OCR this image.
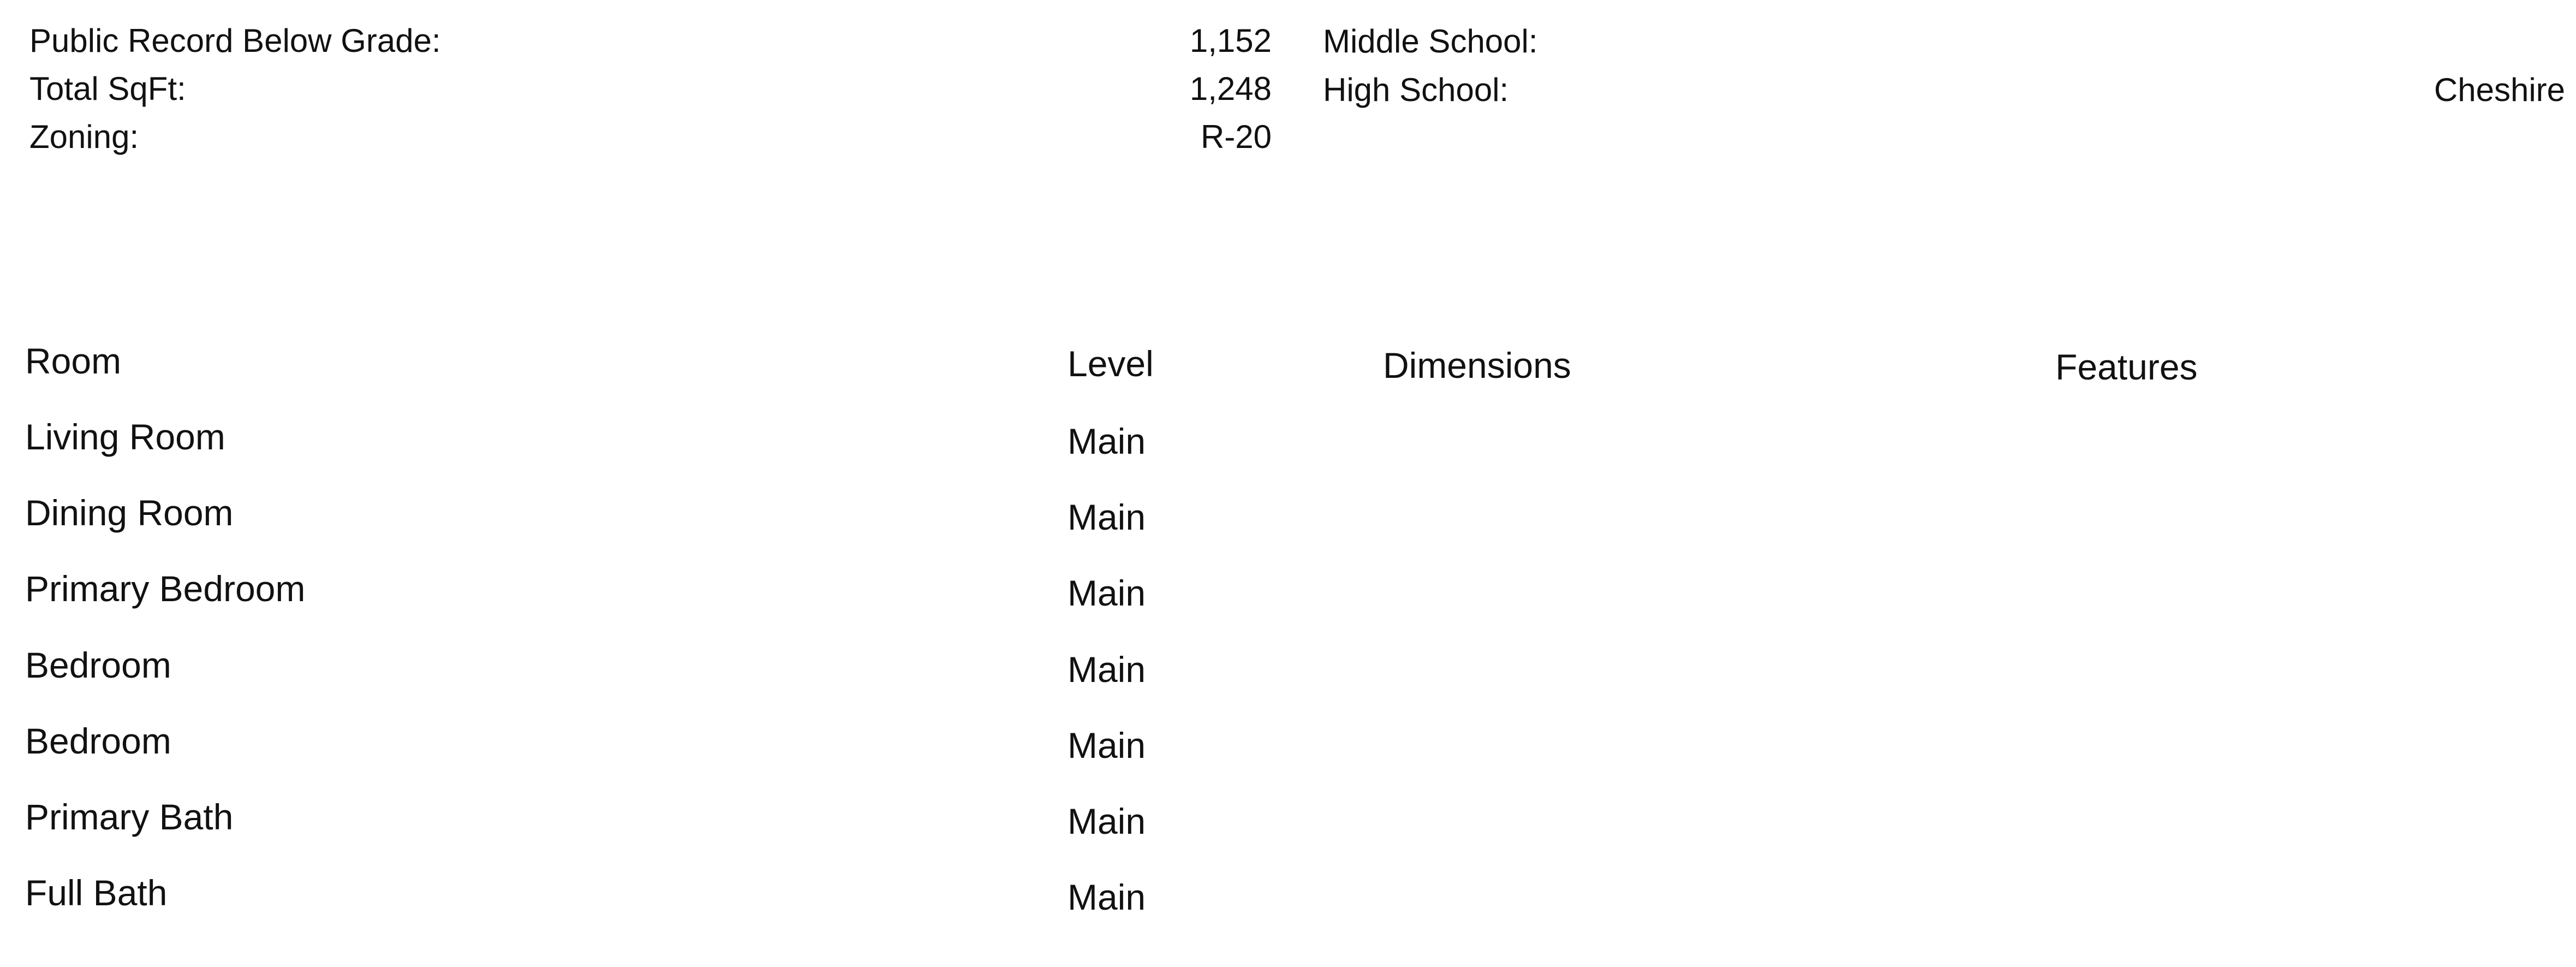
Public Record Below Grade:	1,152
Total SqFt:	1,248
Zoning:	R-20
Middle School:
High School:	Cheshire
Room	Level	Dimensions	Features
Living Room	Main
Dining Room	Main
Primary Bedroom	Main
Bedroom	Main
Bedroom	Main
Primary Bath	Main
Full Bath	Main
